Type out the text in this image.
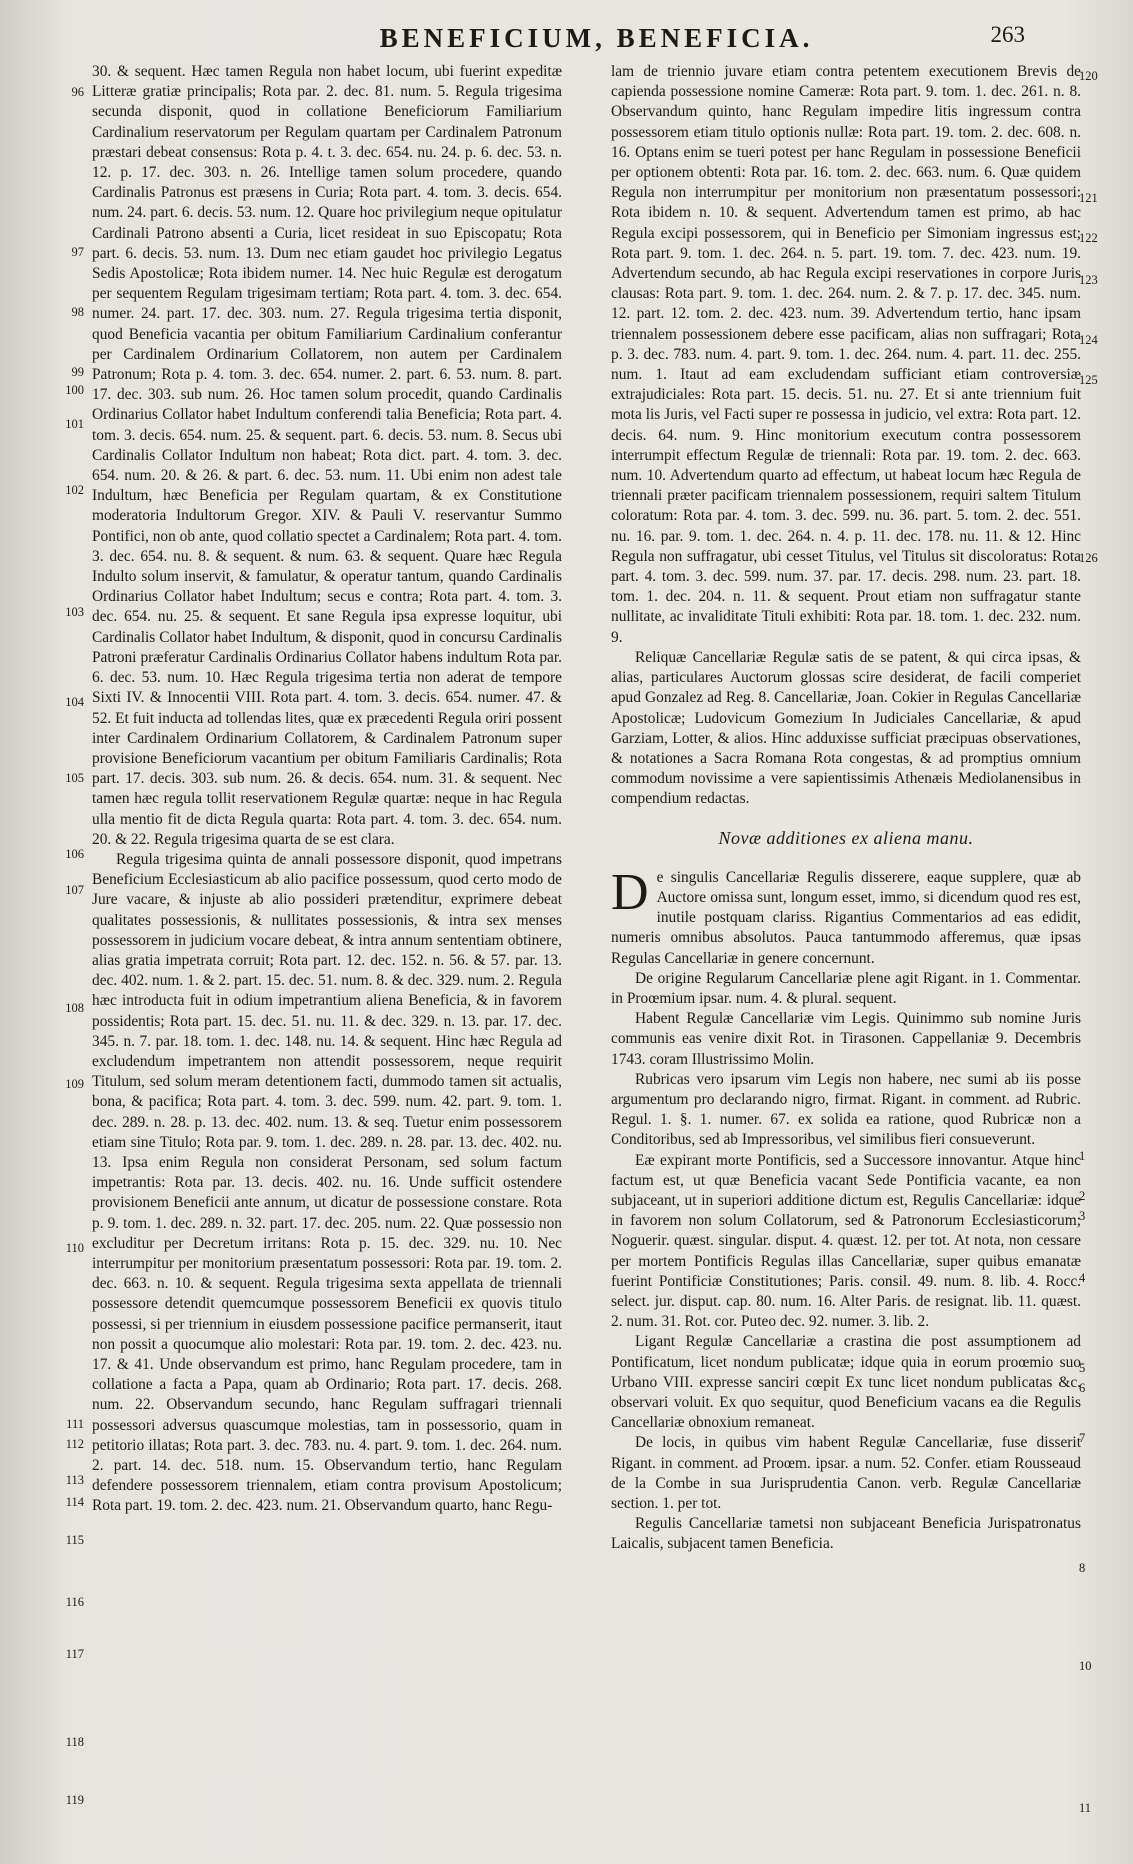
BENEFICIUM, BENEFICIA.	263
96
97
98
99
100
101
102
103
104
105
106
107
108
109
110
111
112
113
114
115
116
117
118
119

30. & sequent. Hæc tamen Regula non habet locum, ubi fuerint expeditæ Litteræ gratiæ principalis; Rota par. 2. dec. 81. num. 5. Regula trigesima secunda disponit, quod in collatione Beneficiorum Familiarium Cardinalium reservatorum per Regulam quartam per Cardinalem Patronum præstari debeat consensus: Rota p. 4. t. 3. dec. 654. nu. 24. p. 6. dec. 53. n. 12. p. 17. dec. 303. n. 26. Intellige tamen solum procedere, quando Cardinalis Patronus est præsens in Curia; Rota part. 4. tom. 3. decis. 654. num. 24. part. 6. decis. 53. num. 12. Quare hoc privilegium neque opitulatur Cardinali Patrono absenti a Curia, licet resideat in suo Episcopatu; Rota part. 6. decis. 53. num. 13. Dum nec etiam gaudet hoc privilegio Legatus Sedis Apostolicæ; Rota ibidem numer. 14. Nec huic Regulæ est derogatum per sequentem Regulam trigesimam tertiam; Rota part. 4. tom. 3. dec. 654. numer. 24. part. 17. dec. 303. num. 27. Regula trigesima tertia disponit, quod Beneficia vacantia per obitum Familiarium Cardinalium conferantur per Cardinalem Ordinarium Collatorem, non autem per Cardinalem Patronum; Rota p. 4. tom. 3. dec. 654. numer. 2. part. 6. 53. num. 8. part. 17. dec. 303. sub num. 26. Hoc tamen solum procedit, quando Cardinalis Ordinarius Collator habet Indultum conferendi talia Beneficia; Rota part. 4. tom. 3. decis. 654. num. 25. & sequent. part. 6. decis. 53. num. 8. Secus ubi Cardinalis Collator Indultum non habeat; Rota dict. part. 4. tom. 3. dec. 654. num. 20. & 26. & part. 6. dec. 53. num. 11. Ubi enim non adest tale Indultum, hæc Beneficia per Regulam quartam, & ex Constitutione moderatoria Indultorum Gregor. XIV. & Pauli V. reservantur Summo Pontifici, non ob ante, quod collatio spectet a Cardinalem; Rota part. 4. tom. 3. dec. 654. nu. 8. & sequent. & num. 63. & sequent. Quare hæc Regula Indulto solum inservit, & famulatur, & operatur tantum, quando Cardinalis Ordinarius Collator habet Indultum; secus e contra; Rota part. 4. tom. 3. dec. 654. nu. 25. & sequent. Et sane Regula ipsa expresse loquitur, ubi Cardinalis Collator habet Indultum, & disponit, quod in concursu Cardinalis Patroni præferatur Cardinalis Ordinarius Collator habens indultum Rota par. 6. dec. 53. num. 10. Hæc Regula trigesima tertia non aderat de tempore Sixti IV. & Innocentii VIII. Rota part. 4. tom. 3. decis. 654. numer. 47. & 52. Et fuit inducta ad tollendas lites, quæ ex præcedenti Regula oriri possent inter Cardinalem Ordinarium Collatorem, & Cardinalem Patronum super provisione Beneficiorum vacantium per obitum Familiaris Cardinalis; Rota part. 17. decis. 303. sub num. 26. & decis. 654. num. 31. & sequent. Nec tamen hæc regula tollit reservationem Regulæ quartæ: neque in hac Regula ulla mentio fit de dicta Regula quarta: Rota part. 4. tom. 3. dec. 654. num. 20. & 22. Regula trigesima quarta de se est clara.

Regula trigesima quinta de annali possessore disponit, quod impetrans Beneficium Ecclesiasticum ab alio pacifice possessum, quod certo modo de Jure vacare, & injuste ab alio possideri prætenditur, exprimere debeat qualitates possessionis, & nullitates possessionis, & intra sex menses possessorem in judicium vocare debeat, & intra annum sententiam obtinere, alias gratia impetrata corruit; Rota part. 12. dec. 152. n. 56. & 57. par. 13. dec. 402. num. 1. & 2. part. 15. dec. 51. num. 8. & dec. 329. num. 2. Regula hæc introducta fuit in odium impetrantium aliena Beneficia, & in favorem possidentis; Rota part. 15. dec. 51. nu. 11. & dec. 329. n. 13. par. 17. dec. 345. n. 7. par. 18. tom. 1. dec. 148. nu. 14. & sequent. Hinc hæc Regula ad excludendum impetrantem non attendit possessorem, neque requirit Titulum, sed solum meram detentionem facti, dummodo tamen sit actualis, bona, & pacifica; Rota part. 4. tom. 3. dec. 599. num. 42. part. 9. tom. 1. dec. 289. n. 28. p. 13. dec. 402. num. 13. & seq. Tuetur enim possessorem etiam sine Titulo; Rota par. 9. tom. 1. dec. 289. n. 28. par. 13. dec. 402. nu. 13. Ipsa enim Regula non considerat Personam, sed solum factum impetrantis: Rota par. 13. decis. 402. nu. 16. Unde sufficit ostendere provisionem Beneficii ante annum, ut dicatur de possessione constare. Rota p. 9. tom. 1. dec. 289. n. 32. part. 17. dec. 205. num. 22. Quæ possessio non excluditur per Decretum irritans: Rota p. 15. dec. 329. nu. 10. Nec interrumpitur per monitorium præsentatum possessori: Rota par. 19. tom. 2. dec. 663. n. 10. & sequent. Regula trigesima sexta appellata de triennali possessore detendit quemcumque possessorem Beneficii ex quovis titulo possessi, si per triennium in eiusdem possessione pacifice permanserit, itaut non possit a quocumque alio molestari: Rota par. 19. tom. 2. dec. 423. nu. 17. & 41. Unde observandum est primo, hanc Regulam procedere, tam in collatione a facta a Papa, quam ab Ordinario; Rota part. 17. decis. 268. num. 22. Observandum secundo, hanc Regulam suffragari triennali possessori adversus quascumque molestias, tam in possessorio, quam in petitorio illatas; Rota part. 3. dec. 783. nu. 4. part. 9. tom. 1. dec. 264. num. 2. part. 14. dec. 518. num. 15. Observandum tertio, hanc Regulam defendere possessorem triennalem, etiam contra provisum Apostolicum; Rota part. 19. tom. 2. dec. 423. num. 21. Observandum quarto, hanc Regu-

120
121
122
123
124
125
126
1
2
3
4
5
6
7
8
10
11

lam de triennio juvare etiam contra petentem executionem Brevis de capienda possessione nomine Cameræ: Rota part. 9. tom. 1. dec. 261. n. 8. Observandum quinto, hanc Regulam impedire litis ingressum contra possessorem etiam titulo optionis nullæ: Rota part. 19. tom. 2. dec. 608. n. 16. Optans enim se tueri potest per hanc Regulam in possessione Beneficii per optionem obtenti: Rota par. 16. tom. 2. dec. 663. num. 6. Quæ quidem Regula non interrumpitur per monitorium non præsentatum possessori: Rota ibidem n. 10. & sequent. Advertendum tamen est primo, ab hac Regula excipi possessorem, qui in Beneficio per Simoniam ingressus est; Rota part. 9. tom. 1. dec. 264. n. 5. part. 19. tom. 7. dec. 423. num. 19. Advertendum secundo, ab hac Regula excipi reservationes in corpore Juris clausas: Rota part. 9. tom. 1. dec. 264. num. 2. & 7. p. 17. dec. 345. num. 12. part. 12. tom. 2. dec. 423. num. 39. Advertendum tertio, hanc ipsam triennalem possessionem debere esse pacificam, alias non suffragari; Rota p. 3. dec. 783. num. 4. part. 9. tom. 1. dec. 264. num. 4. part. 11. dec. 255. num. 1. Itaut ad eam excludendam sufficiant etiam controversiæ extrajudiciales: Rota part. 15. decis. 51. nu. 27. Et si ante triennium fuit mota lis Juris, vel Facti super re possessa in judicio, vel extra: Rota part. 12. decis. 64. num. 9. Hinc monitorium executum contra possessorem interrumpit effectum Regulæ de triennali: Rota par. 19. tom. 2. dec. 663. num. 10. Advertendum quarto ad effectum, ut habeat locum hæc Regula de triennali præter pacificam triennalem possessionem, requiri saltem Titulum coloratum: Rota par. 4. tom. 3. dec. 599. nu. 36. part. 5. tom. 2. dec. 551. nu. 16. par. 9. tom. 1. dec. 264. n. 4. p. 11. dec. 178. nu. 11. & 12. Hinc Regula non suffragatur, ubi cesset Titulus, vel Titulus sit discoloratus: Rota part. 4. tom. 3. dec. 599. num. 37. par. 17. decis. 298. num. 23. part. 18. tom. 1. dec. 204. n. 11. & sequent. Prout etiam non suffragatur stante nullitate, ac invaliditate Tituli exhibiti: Rota par. 18. tom. 1. dec. 232. num. 9.

Reliquæ Cancellariæ Regulæ satis de se patent, & qui circa ipsas, & alias, particulares Auctorum glossas scire desiderat, de facili comperiet apud Gonzalez ad Reg. 8. Cancellariæ, Joan. Cokier in Regulas Cancellariæ Apostolicæ; Ludovicum Gomezium In Judiciales Cancellariæ, & apud Garziam, Lotter, & alios. Hinc adduxisse sufficiat præcipuas observationes, & notationes a Sacra Romana Rota congestas, & ad promptius omnium commodum novissime a vere sapientissimis Athenæis Mediolanensibus in compendium redactas.

Novæ additiones ex aliena manu.

De singulis Cancellariæ Regulis disserere, eaque supplere, quæ ab Auctore omissa sunt, longum esset, immo, si dicendum quod res est, inutile postquam clariss. Rigantius Commentarios ad eas edidit, numeris omnibus absolutos. Pauca tantummodo afferemus, quæ ipsas Regulas Cancellariæ in genere concernunt.

De origine Regularum Cancellariæ plene agit Rigant. in 1. Commentar. in Proœmium ipsar. num. 4. & plural. sequent.

Habent Regulæ Cancellariæ vim Legis. Quinimmo sub nomine Juris communis eas venire dixit Rot. in Tirasonen. Cappellaniæ 9. Decembris 1743. coram Illustrissimo Molin.

Rubricas vero ipsarum vim Legis non habere, nec sumi ab iis posse argumentum pro declarando nigro, firmat. Rigant. in comment. ad Rubric. Regul. 1. §. 1. numer. 67. ex solida ea ratione, quod Rubricæ non a Conditoribus, sed ab Impressoribus, vel similibus fieri consueverunt.

Eæ expirant morte Pontificis, sed a Successore innovantur. Atque hinc factum est, ut quæ Beneficia vacant Sede Pontificia vacante, ea non subjaceant, ut in superiori additione dictum est, Regulis Cancellariæ: idque in favorem non solum Collatorum, sed & Patronorum Ecclesiasticorum; Noguerir. quæst. singular. disput. 4. quæst. 12. per tot. At nota, non cessare per mortem Pontificis Regulas illas Cancellariæ, super quibus emanatæ fuerint Pontificiæ Constitutiones; Paris. consil. 49. num. 8. lib. 4. Rocc. select. jur. disput. cap. 80. num. 16. Alter Paris. de resignat. lib. 11. quæst. 2. num. 31. Rot. cor. Puteo dec. 92. numer. 3. lib. 2.

Ligant Regulæ Cancellariæ a crastina die post assumptionem ad Pontificatum, licet nondum publicatæ; idque quia in eorum proœmio suo Urbano VIII. expresse sanciri cœpit Ex tunc licet nondum publicatas &c. observari voluit. Ex quo sequitur, quod Beneficium vacans ea die Regulis Cancellariæ obnoxium remaneat.

De locis, in quibus vim habent Regulæ Cancellariæ, fuse disserit Rigant. in comment. ad Proœm. ipsar. a num. 52. Confer. etiam Rousseaud de la Combe in sua Jurisprudentia Canon. verb. Regulæ Cancellariæ section. 1. per tot.

Regulis Cancellariæ tametsi non subjaceant Beneficia Jurispatronatus Laicalis, subjacent tamen Beneficia.
